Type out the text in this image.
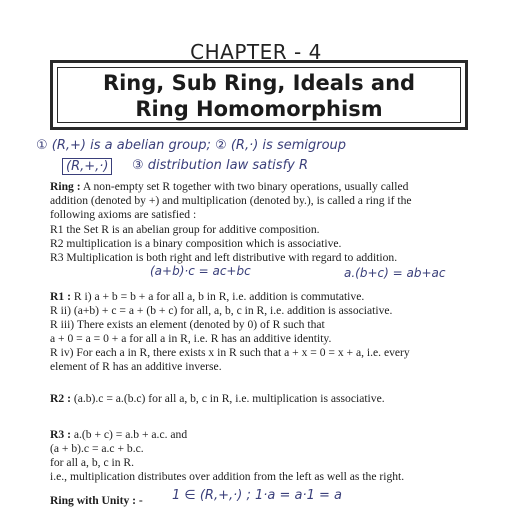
CHAPTER - 4
Ring, Sub Ring, Ideals and
Ring Homomorphism
① (R,+) is a abelian group; ② (R,·) is semigroup
(R,+,·)	③ distribution law satisfy R
Ring : A non-empty set R together with two binary operations, usually called
addition (denoted by +) and multiplication (denoted by.), is called a ring if the
following axioms are satisfied :
R1 the Set R is an abelian group for additive composition.
R2 multiplication is a binary composition which is associative.
R3 Multiplication is both right and left distributive with regard to addition.
(a+b)·c = ac+bc	a.(b+c) = ab+ac
R1 : R i) a + b = b + a for all a, b in R, i.e. addition is commutative.
R ii) (a+b) + c = a + (b + c) for all, a, b, c in R, i.e. addition is associative.
R iii) There exists an element (denoted by 0) of R such that
a + 0 = a = 0 + a for all a in R, i.e. R has an additive identity.
R iv) For each a in R, there exists x in R such that a + x = 0 = x + a, i.e. every
element of R has an additive inverse.
R2 : (a.b).c = a.(b.c) for all a, b, c in R, i.e. multiplication is associative.
R3 : a.(b + c) = a.b + a.c. and
(a + b).c = a.c + b.c.
for all a, b, c in R.
i.e., multiplication distributes over addition from the left as well as the right.
Ring with Unity : -	1 ∈ (R,+,·) ; 1·a = a·1 = a
